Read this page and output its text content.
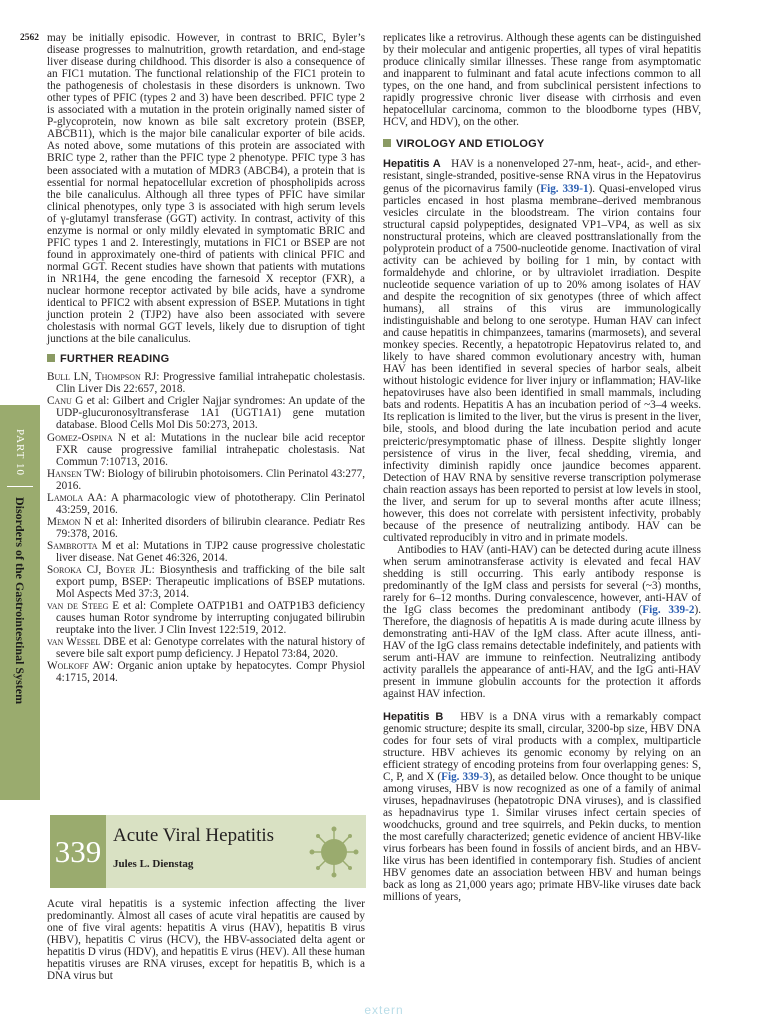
2562 may be initially episodic. However, in contrast to BRIC, Byler’s disease progresses to malnutrition, growth retardation, and end-stage liver disease during childhood. This disorder is also a consequence of an FIC1 mutation. The functional relationship of the FIC1 protein to the pathogenesis of cholestasis in these disorders is unknown. Two other types of PFIC (types 2 and 3) have been described. PFIC type 2 is associated with a mutation in the protein originally named sister of P-glycoprotein, now known as bile salt excretory protein (BSEP, ABCB11), which is the major bile canalicular exporter of bile acids. As noted above, some mutations of this protein are associated with BRIC type 2, rather than the PFIC type 2 phenotype. PFIC type 3 has been associated with a mutation of MDR3 (ABCB4), a protein that is essential for normal hepatocellular excretion of phospholipids across the bile canaliculus. Although all three types of PFIC have similar clinical phenotypes, only type 3 is associated with high serum levels of γ-glutamyl transferase (GGT) activity. In contrast, activity of this enzyme is normal or only mildly elevated in symptomatic BRIC and PFIC types 1 and 2. Interestingly, mutations in FIC1 or BSEP are not found in approximately one-third of patients with clinical PFIC and normal GGT. Recent studies have shown that patients with mutations in NR1H4, the gene encoding the farnesoid X receptor (FXR), a nuclear hormone receptor activated by bile acids, have a syndrome identical to PFIC2 with absent expression of BSEP. Mutations in tight junction protein 2 (TJP2) have also been associated with severe cholestasis with normal GGT levels, likely due to disruption of tight junctions at the bile canaliculus.

FURTHER READING

Bull LN, Thompson RJ: Progressive familial intrahepatic cholestasis. Clin Liver Dis 22:657, 2018.

Canu G et al: Gilbert and Crigler Najjar syndromes: An update of the UDP-glucuronosyltransferase 1A1 (UGT1A1) gene mutation database. Blood Cells Mol Dis 50:273, 2013.

Gomez-Ospina N et al: Mutations in the nuclear bile acid receptor FXR cause progressive familial intrahepatic cholestasis. Nat Commun 7:10713, 2016.

Hansen TW: Biology of bilirubin photoisomers. Clin Perinatol 43:277, 2016.

Lamola AA: A pharmacologic view of phototherapy. Clin Perinatol 43:259, 2016.

Memon N et al: Inherited disorders of bilirubin clearance. Pediatr Res 79:378, 2016.

Sambrotta M et al: Mutations in TJP2 cause progressive cholestatic liver disease. Nat Genet 46:326, 2014.

Soroka CJ, Boyer JL: Biosynthesis and trafficking of the bile salt export pump, BSEP: Therapeutic implications of BSEP mutations. Mol Aspects Med 37:3, 2014.

van de Steeg E et al: Complete OATP1B1 and OATP1B3 deficiency causes human Rotor syndrome by interrupting conjugated bilirubin reuptake into the liver. J Clin Invest 122:519, 2012.

van Wessel DBE et al: Genotype correlates with the natural history of severe bile salt export pump deficiency. J Hepatol 73:84, 2020.

Wolkoff AW: Organic anion uptake by hepatocytes. Compr Physiol 4:1715, 2014.

PART 10
Disorders of the Gastrointestinal System
339 Acute Viral Hepatitis
Jules L. Dienstag

Acute viral hepatitis is a systemic infection affecting the liver predominantly. Almost all cases of acute viral hepatitis are caused by one of five viral agents: hepatitis A virus (HAV), hepatitis B virus (HBV), hepatitis C virus (HCV), the HBV-associated delta agent or hepatitis D virus (HDV), and hepatitis E virus (HEV). All these human hepatitis viruses are RNA viruses, except for hepatitis B, which is a DNA virus but

replicates like a retrovirus. Although these agents can be distinguished by their molecular and antigenic properties, all types of viral hepatitis produce clinically similar illnesses. These range from asymptomatic and inapparent to fulminant and fatal acute infections common to all types, on the one hand, and from subclinical persistent infections to rapidly progressive chronic liver disease with cirrhosis and even hepatocellular carcinoma, common to the bloodborne types (HBV, HCV, and HDV), on the other.

VIROLOGY AND ETIOLOGY

Hepatitis A HAV is a nonenveloped 27-nm, heat-, acid-, and ether-resistant, single-stranded, positive-sense RNA virus in the Hepatovirus genus of the picornavirus family (Fig. 339-1). Quasi-enveloped virus particles encased in host plasma membrane–derived membranous vesicles circulate in the bloodstream. The virion contains four structural capsid polypeptides, designated VP1–VP4, as well as six nonstructural proteins, which are cleaved posttranslationally from the polyprotein product of a 7500-nucleotide genome. Inactivation of viral activity can be achieved by boiling for 1 min, by contact with formaldehyde and chlorine, or by ultraviolet irradiation. Despite nucleotide sequence variation of up to 20% among isolates of HAV and despite the recognition of six genotypes (three of which affect humans), all strains of this virus are immunologically indistinguishable and belong to one serotype. Human HAV can infect and cause hepatitis in chimpanzees, tamarins (marmosets), and several monkey species. Recently, a hepatotropic Hepatovirus related to, and likely to have shared common evolutionary ancestry with, human HAV has been identified in several species of harbor seals, albeit without histologic evidence for liver injury or inflammation; HAV-like hepatoviruses have also been identified in small mammals, including bats and rodents. Hepatitis A has an incubation period of ~3–4 weeks. Its replication is limited to the liver, but the virus is present in the liver, bile, stools, and blood during the late incubation period and acute preicteric/presymptomatic phase of illness. Despite slightly longer persistence of virus in the liver, fecal shedding, viremia, and infectivity diminish rapidly once jaundice becomes apparent. Detection of HAV RNA by sensitive reverse transcription polymerase chain reaction assays has been reported to persist at low levels in stool, the liver, and serum for up to several months after acute illness; however, this does not correlate with persistent infectivity, probably because of the presence of neutralizing antibody. HAV can be cultivated reproducibly in vitro and in primate models.

Antibodies to HAV (anti-HAV) can be detected during acute illness when serum aminotransferase activity is elevated and fecal HAV shedding is still occurring. This early antibody response is predominantly of the IgM class and persists for several (~3) months, rarely for 6–12 months. During convalescence, however, anti-HAV of the IgG class becomes the predominant antibody (Fig. 339-2). Therefore, the diagnosis of hepatitis A is made during acute illness by demonstrating anti-HAV of the IgM class. After acute illness, anti-HAV of the IgG class remains detectable indefinitely, and patients with serum anti-HAV are immune to reinfection. Neutralizing antibody activity parallels the appearance of anti-HAV, and the IgG anti-HAV present in immune globulin accounts for the protection it affords against HAV infection.

Hepatitis B HBV is a DNA virus with a remarkably compact genomic structure; despite its small, circular, 3200-bp size, HBV DNA codes for four sets of viral products with a complex, multiparticle structure. HBV achieves its genomic economy by relying on an efficient strategy of encoding proteins from four overlapping genes: S, C, P, and X (Fig. 339-3), as detailed below. Once thought to be unique among viruses, HBV is now recognized as one of a family of animal viruses, hepadnaviruses (hepatotropic DNA viruses), and is classified as hepadnavirus type 1. Similar viruses infect certain species of woodchucks, ground and tree squirrels, and Pekin ducks, to mention the most carefully characterized; genetic evidence of ancient HBV-like virus forbears has been found in fossils of ancient birds, and an HBV-like virus has been identified in contemporary fish. Studies of ancient HBV genomes date an association between HBV and human beings back as long as 21,000 years ago; primate HBV-like viruses date back millions of years,

extern
